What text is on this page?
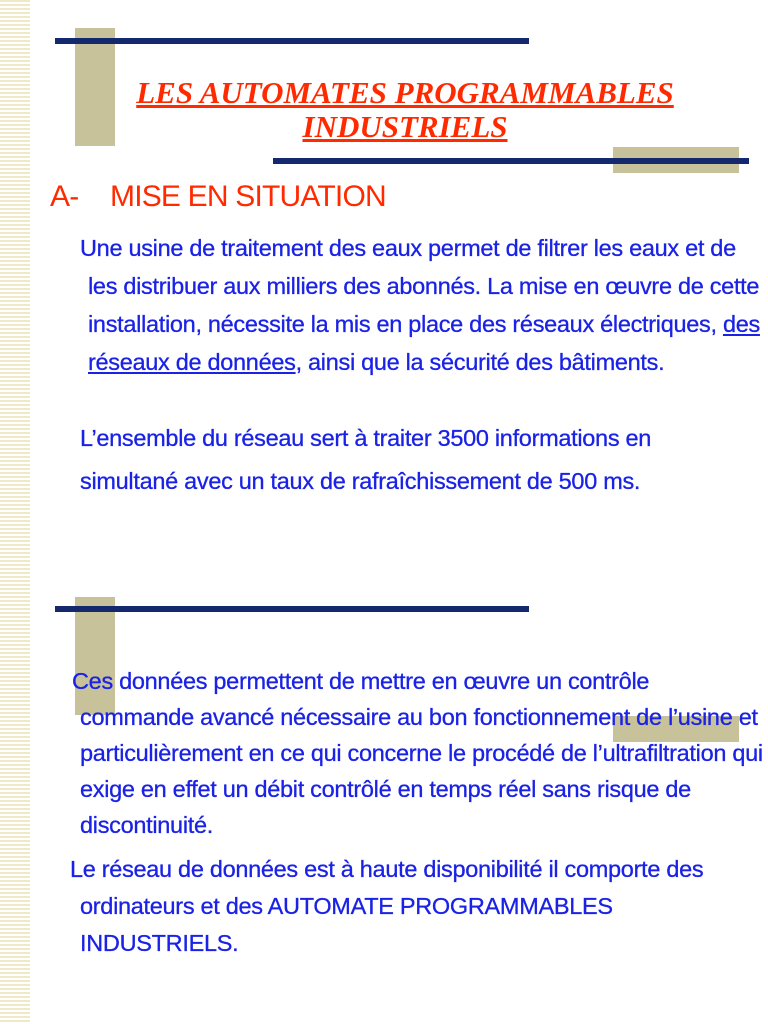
LES AUTOMATES PROGRAMMABLES
INDUSTRIELS
A- MISE EN SITUATION

Une usine de traitement des eaux permet de filtrer les eaux et de les distribuer aux milliers des abonnés. La mise en œuvre de cette installation, nécessite la mis en place des réseaux électriques, des réseaux de données, ainsi que la sécurité des bâtiments.

L’ensemble du réseau sert à traiter 3500 informations en simultané avec un taux de rafraîchissement de 500 ms.

Ces données permettent de mettre en œuvre un contrôle commande avancé nécessaire au bon fonctionnement de l’usine et particulièrement en ce qui concerne le procédé de l’ultrafiltration qui exige en effet un débit contrôlé en temps réel sans risque de discontinuité.

Le réseau de données est à haute disponibilité il comporte des ordinateurs et des AUTOMATE PROGRAMMABLES INDUSTRIELS.
